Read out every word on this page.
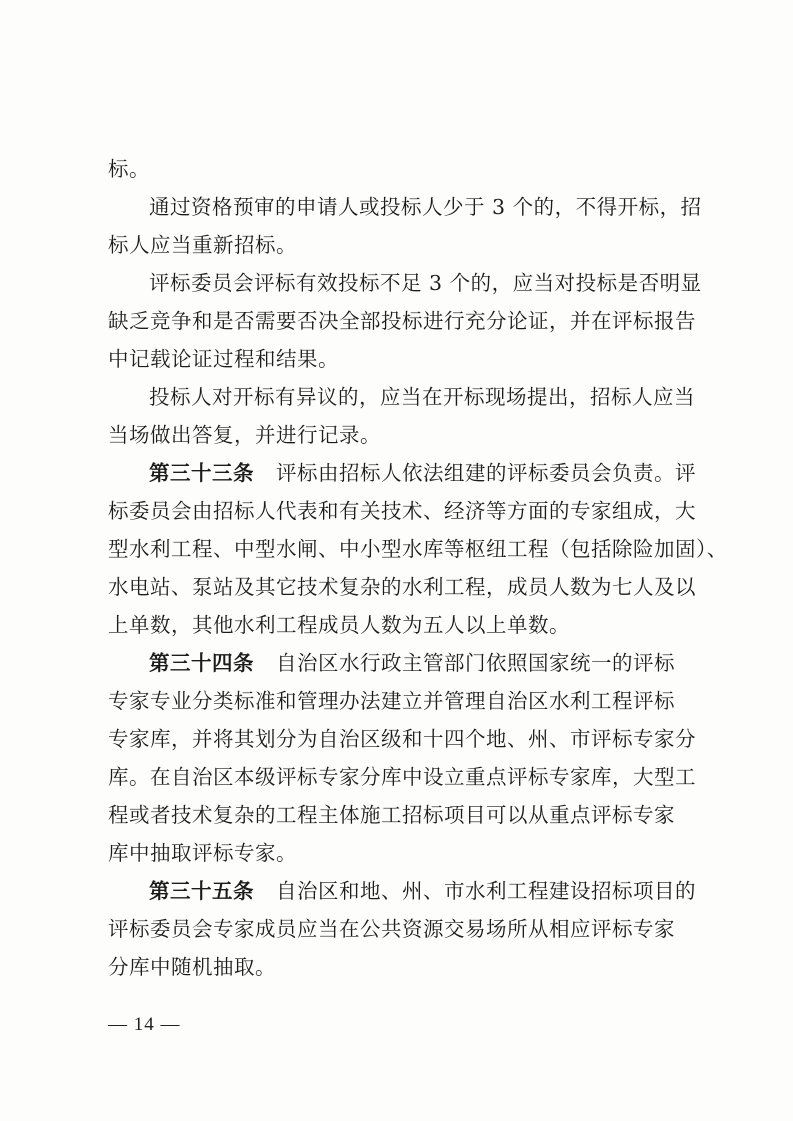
标。
通过资格预审的申请人或投标人少于 3 个的，不得开标，招
标人应当重新招标。
评标委员会评标有效投标不足 3 个的，应当对投标是否明显
缺乏竞争和是否需要否决全部投标进行充分论证，并在评标报告
中记载论证过程和结果。
投标人对开标有异议的，应当在开标现场提出，招标人应当
当场做出答复，并进行记录。
第三十三条 评标由招标人依法组建的评标委员会负责。评
标委员会由招标人代表和有关技术、经济等方面的专家组成，大
型水利工程、中型水闸、中小型水库等枢纽工程（包括除险加固）、
水电站、泵站及其它技术复杂的水利工程，成员人数为七人及以
上单数，其他水利工程成员人数为五人以上单数。
第三十四条 自治区水行政主管部门依照国家统一的评标
专家专业分类标准和管理办法建立并管理自治区水利工程评标
专家库，并将其划分为自治区级和十四个地、州、市评标专家分
库。在自治区本级评标专家分库中设立重点评标专家库，大型工
程或者技术复杂的工程主体施工招标项目可以从重点评标专家
库中抽取评标专家。
第三十五条 自治区和地、州、市水利工程建设招标项目的
评标委员会专家成员应当在公共资源交易场所从相应评标专家
分库中随机抽取。
— 14 —
